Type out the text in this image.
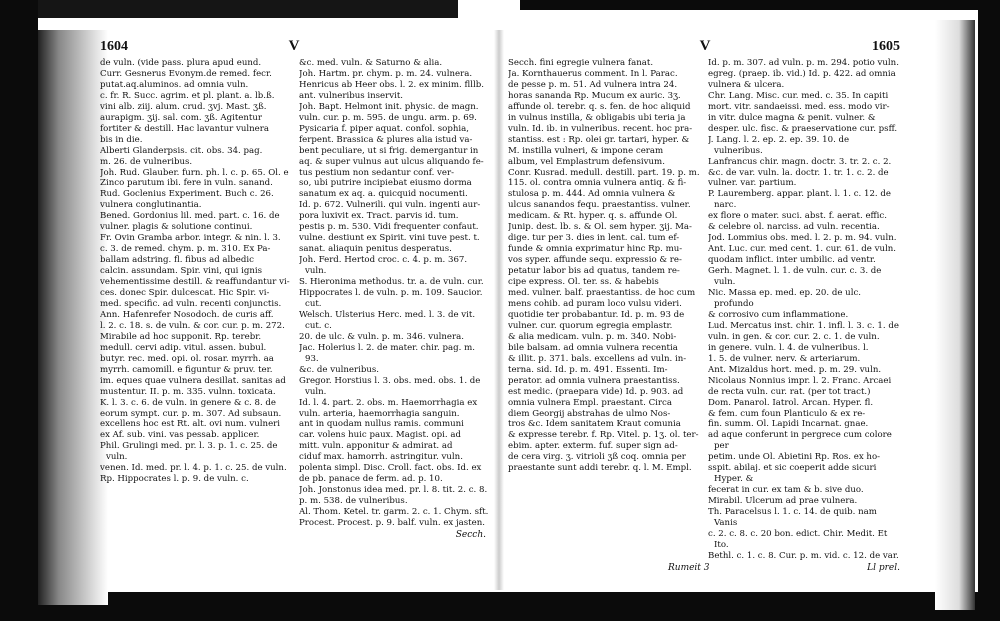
1604	V

de vuln. (vide pass. plura apud eund.

Curr. Gesnerus Evonym.de remed. fecr.

putat.aq.aluminos. ad omnia vuln.

c. fr. R. Succ. agrim. et pl. plant. a. lb.ß.

vini alb. ziij. alum. crud. ʒvj. Mast. ʒß.

aurapigm. ʒij. sal. com. ʒß. Agitentur

fortiter & destill. Hac lavantur vulnera

bis in die.

Alberti Glanderpsis. cit. obs. 34. pag.

m. 26. de vulneribus.

Joh. Rud. Glauber. furn. ph. l. c. p. 65. Ol. e

Zinco parutum ibi. fere in vuln. sanand.

Rud. Goclenius Experiment. Buch c. 26.

vulnera conglutinantia.

Bened. Gordonius lil. med. part. c. 16. de

vulner. plagis & solutione continui.

Fr. Ovin Gramba arbor. integr. & nin. l. 3.

c. 3. de remed. chym. p. m. 310. Ex Pa-

ballam adstring. fl. fibus ad albedic

calcin. assundam. Spir. vini, qui ignis

vehementissime destill. & reaffundantur vi-

ces. donec Spir. dulcescat. Hic Spir. vi-

med. specific. ad vuln. recenti conjunctis.

Ann. Hafenrefer Nosodoch. de curis aff.

l. 2. c. 18. s. de vuln. & cor. cur. p. m. 272.

Mirabile ad hoc supponit. Rp. terebr.

medull. cervi adip. vitul. assen. bubul.

butyr. rec. med. opi. ol. rosar. myrrh. aa

myrrh. camomill. e figuntur & pruv. ter.

im. eques quae vulnera desillat. sanitas ad

mustentur. II. p. m. 335. vulnn. toxicata.

K. l. 3. c. 6. de vuln. in genere & c. 8. de

eorum sympt. cur. p. m. 307. Ad subsaun.

excellens hoc est Rt. alt. ovi num. vulneri

ex Af. sub. vini. vas pessab. applicer.

Phil. Grulingi med. pr. l. 3. p. 1. c. 25. de vuln.

venen. Id. med. pr. l. 4. p. 1. c. 25. de vuln.

Rp. Hippocrates l. p. 9. de vuln. c.

&c. med. vuln. & Saturno & alia.

Joh. Hartm. pr. chym. p. m. 24. vulnera.

Henricus ab Heer obs. l. 2. ex minim. flllb.

ant. vulneribus inservit.

Joh. Bapt. Helmont init. physic. de magn.

vuln. cur. p. m. 595. de ungu. arm. p. 69.

Pysicaria f. piper aquat. confol. sophia,

ferpent. Brassica & plures alia istud va-

bent peculiare, ut si frig. demergantur in

aq. & super vulnus aut ulcus aliquando fe-

tus pestium non sedantur conf. ver-

so, ubi putrire incipiebat eiusmo dorma

sanatum ex aq. a. quicquid nocumenti.

Id. p. 672. Vulnerili. qui vuln. ingenti aur-

pora luxivit ex. Tract. parvis id. tum.

pestis p. m. 530. Vidi frequenter confaut.

vulne. destiunt ex Spirit. vini tuve pest. t.

sanat. aliaquin penitus desperatus.

Joh. Ferd. Hertod croc. c. 4. p. m. 367. vuln.

S. Hieronima methodus. tr. a. de vuln. cur.

Hippocrates l. de vuln. p. m. 109. Saucior. cut.

Welsch. Ulsterius Herc. med. l. 3. de vit. cut. c.

20. de ulc. & vuln. p. m. 346. vulnera.

Jac. Holerius l. 2. de mater. chir. pag. m. 93.

&c. de vulneribus.

Gregor. Horstius l. 3. obs. med. obs. 1. de vuln.

Id. l. 4. part. 2. obs. m. Haemorrhagia ex

vuln. arteria, haemorrhagia sanguin.

ant in quodam nullus ramis. communi

car. volens huic paux. Magist. opi. ad

mitt. vuln. apponitur & admirat. ad

ciduf max. hamorrh. astringitur. vuln.

polenta simpl. Disc. Croll. fact. obs. Id. ex

de pb. panace de ferm. ad. p. 10.

Joh. Jonstonus idea med. pr. l. 8. tit. 2. c. 8.

p. m. 538. de vulneribus.

Al. Thom. Ketel. tr. garm. 2. c. 1. Chym. sft.

Procest. Procest. p. 9. balf. vuln. ex jasten.

Secch.
V	1605

Secch. fini egregie vulnera fanat.

Ja. Kornthauerus comment. In l. Parac.

de pesse p. m. 51. Ad vulnera intra 24.

horas sananda Rp. Mucum ex auric. 3ʒ.

affunde ol. terebr. q. s. fen. de hoc aliquid

in vulnus instilla, & obligabis ubi teria ja

vuln. Id. ib. in vulneribus. recent. hoc pra-

stantiss. est : Rp. olei gr. tartari, hyper. &

M. instilla vulneri, & impone ceram

album, vel Emplastrum defensivum.

Conr. Kusrad. medull. destill. part. 19. p. m.

115. ol. contra omnia vulnera antiq. & fi-

stulosa p. m. 444. Ad omnia vulnera &

ulcus sanandos fequ. praestantiss. vulner.

medicam. & Rt. hyper. q. s. affunde Ol.

Junip. dest. lb. s. & Ol. sem hyper. ʒij. Ma-

dige. tur per 3. dies in lent. cal. tum ef-

funde & omnia exprimatur hinc Rp. mu-

vos syper. affunde sequ. expressio & re-

petatur labor bis ad quatus, tandem re-

cipe express. Ol. ter. ss. & habebis

med. vulner. balf. praestantiss. de hoc cum

mens cohib. ad puram loco vulsu videri.

quotidie ter probabantur. Id. p. m. 93 de

vulner. cur. quorum egregia emplastr.

& alia medicam. vuln. p. m. 340. Nobi-

bile balsam. ad omnia vulnera recentia

& illit. p. 371. bals. excellens ad vuln. in-

terna. sid. Id. p. m. 491. Essenti. Im-

perator. ad omnia vulnera praestantiss.

est medic. (praepara vide) Id. p. 903. ad

omnia vulnera Empl. praestant. Circa

diem Georgij abstrahas de ulmo Nos-

tros &c. Idem sanitatem Kraut comunia

& expresse terebr. f. Rp. Vitel. p. 1ʒ. ol. ter-

ebim. apter. exterm. fuf. super sign ad-

de cera virg. ʒ. vitrioli ʒß coq. omnia per

praestante sunt addi terebr. q. l. M. Empl.

Id. p. m. 307. ad vuln. p. m. 294. potio vuln.

egreg. (praep. ib. vid.) Id. p. 422. ad omnia

vulnera & ulcera.

Chr. Lang. Misc. cur. med. c. 35. In capiti

mort. vitr. sandaeissi. med. ess. modo vir-

in vitr. dulce magna & penit. vulner. &

desper. ulc. fisc. & praeservatione cur. psff.

J. Lang. l. 2. ep. 2. ep. 39. 10. de vulneribus.

Lanfrancus chir. magn. doctr. 3. tr. 2. c. 2.

&c. de var. vuln. la. doctr. 1. tr. 1. c. 2. de

vulner. var. partium.

P. Lauremberg. appar. plant. l. 1. c. 12. de narc.

ex flore o mater. suci. abst. f. aerat. effic.

& celebre ol. narciss. ad vuln. recentia.

Jod. Lommius obs. med. l. 2. p. m. 94. vuln.

Ant. Luc. cur. med cent. 1. cur. 61. de vuln.

quodam inflict. inter umbilic. ad ventr.

Gerh. Magnet. l. 1. de vuln. cur. c. 3. de vuln.

Nic. Massa ep. med. ep. 20. de ulc. profundo

& corrosivo cum inflammatione.

Lud. Mercatus inst. chir. 1. infl. l. 3. c. 1. de

vuln. in gen. & cor. cur. 2. c. 1. de vuln.

in genere. vuln. l. 4. de vulneribus. l.

1. 5. de vulner. nerv. & arteriarum.

Ant. Mizaldus hort. med. p. m. 29. vuln.

Nicolaus Nonnius impr. l. 2. Franc. Arcaei

de recta vuln. cur. rat. (per tot tract.)

Dom. Panarol. Iatrol. Arcan. Hyper. fl.

& fem. cum foun Planticulo & ex re-

fin. summ. Ol. Lapidi Incarnat. gnae.

ad aque conferunt in pergrece cum colore per

petim. unde Ol. Abietini Rp. Ros. ex ho-

sspit. abilaj. et sic coeperit adde sicuri Hyper. &

fecerat in cur. ex tam & b. sive duo.

Mirabil. Ulcerum ad prae vulnera.

Th. Paracelsus l. 1. c. 14. de quib. nam Vanis

c. 2. c. 8. c. 20 bon. edict. Chir. Medit. Et Ito.

Bethl. c. 1. c. 8. Cur. p. m. vid. c. 12. de var.

Rumeit 3	Ll prel.
